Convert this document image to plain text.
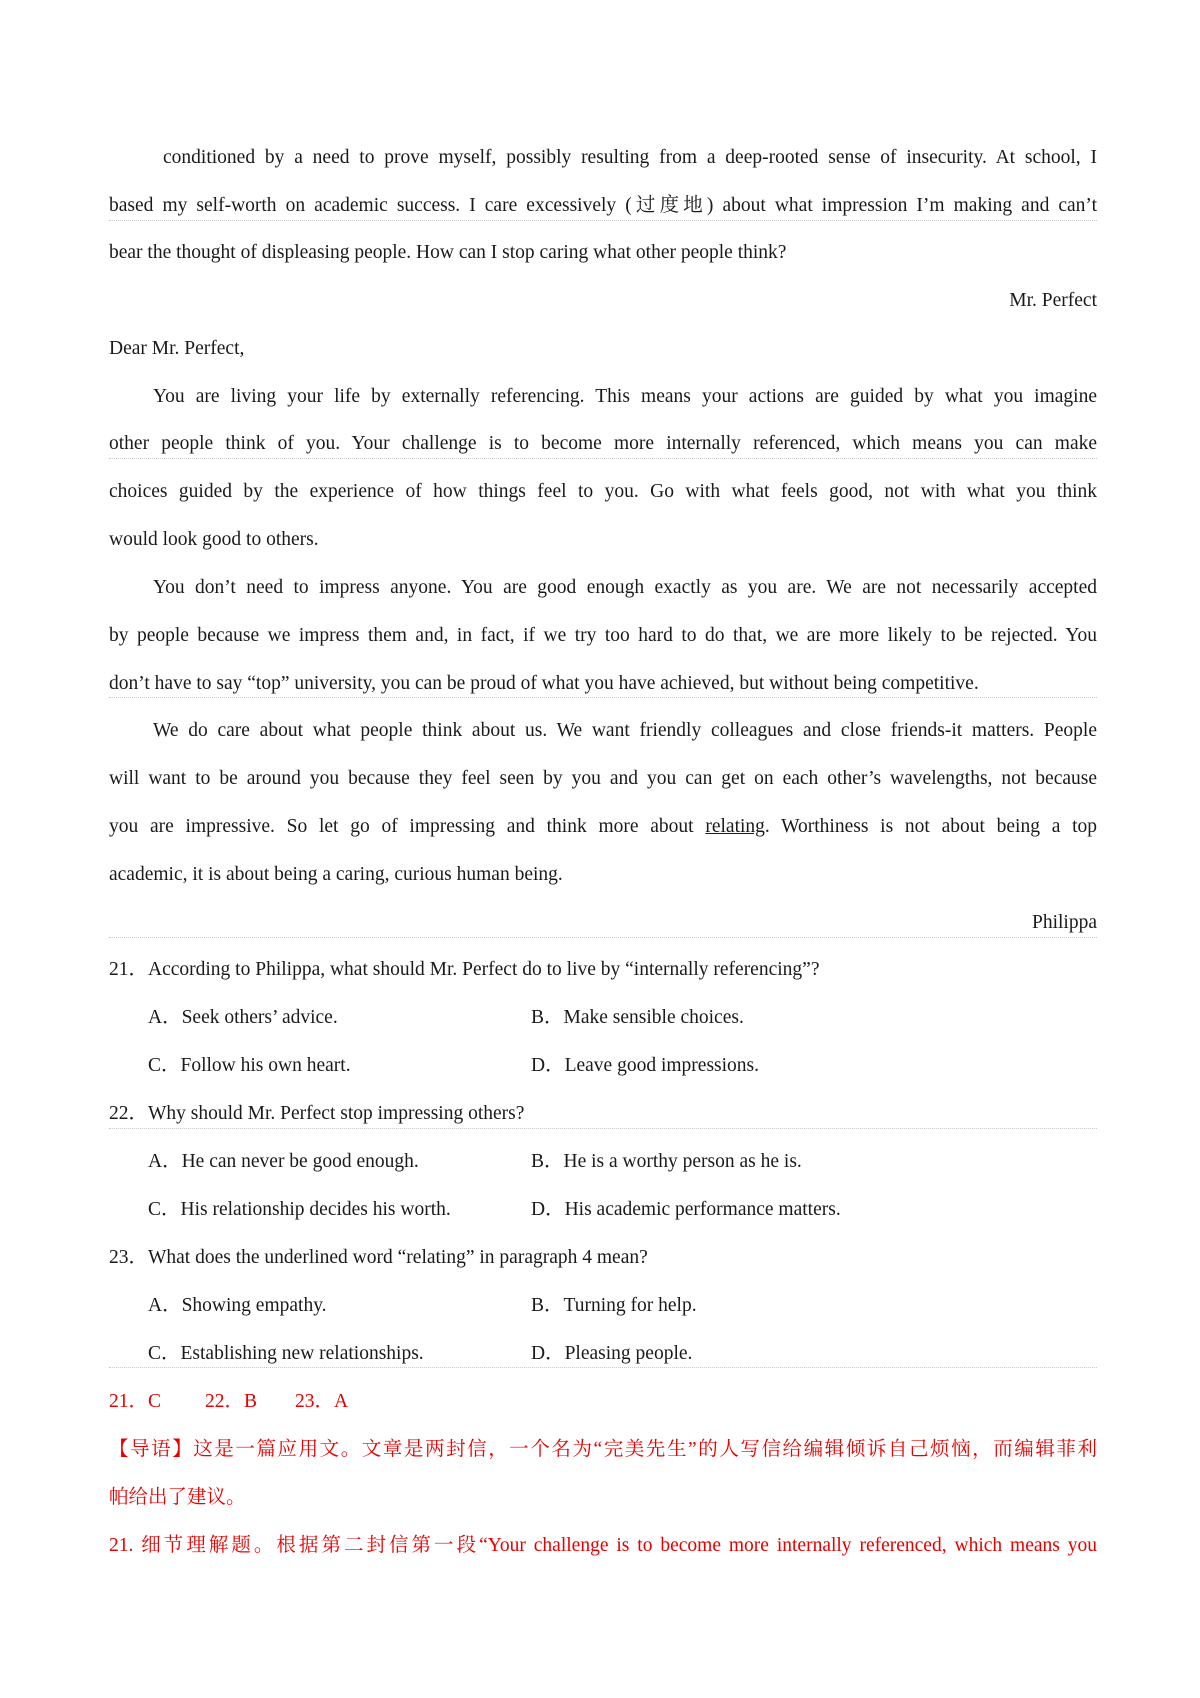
conditioned by a need to prove myself, possibly resulting from a deep-rooted sense of insecurity. At school, I
based my self-worth on academic success. I care excessively (过度地) about what impression I’m making and can’t
bear the thought of displeasing people. How can I stop caring what other people think?
Mr. Perfect
Dear Mr. Perfect,
You are living your life by externally referencing. This means your actions are guided by what you imagine
other people think of you. Your challenge is to become more internally referenced, which means you can make
choices guided by the experience of how things feel to you. Go with what feels good, not with what you think
would look good to others.
You don’t need to impress anyone. You are good enough exactly as you are. We are not necessarily accepted
by people because we impress them and, in fact, if we try too hard to do that, we are more likely to be rejected. You
don’t have to say “top” university, you can be proud of what you have achieved, but without being competitive.
We do care about what people think about us. We want friendly colleagues and close friends-it matters. People
will want to be around you because they feel seen by you and you can get on each other’s wavelengths, not because
you are impressive. So let go of impressing and think more about relating. Worthiness is not about being a top
academic, it is about being a caring, curious human being.
Philippa
21．According to Philippa, what should Mr. Perfect do to live by “internally referencing”?
A．Seek others’ advice.	B．Make sensible choices.
C．Follow his own heart.	D．Leave good impressions.
22．Why should Mr. Perfect stop impressing others?
A．He can never be good enough.	B．He is a worthy person as he is.
C．His relationship decides his worth.	D．His academic performance matters.
23．What does the underlined word “relating” in paragraph 4 mean?
A．Showing empathy.	B．Turning for help.
C．Establishing new relationships.	D．Pleasing people.
21．C 22．B 23．A
【导语】这是一篇应用文。文章是两封信，一个名为“完美先生”的人写信给编辑倾诉自己烦恼，而编辑菲利
帕给出了建议。
21. 细节理解题。根据第二封信第一段“Your challenge is to become more internally referenced, which means you
